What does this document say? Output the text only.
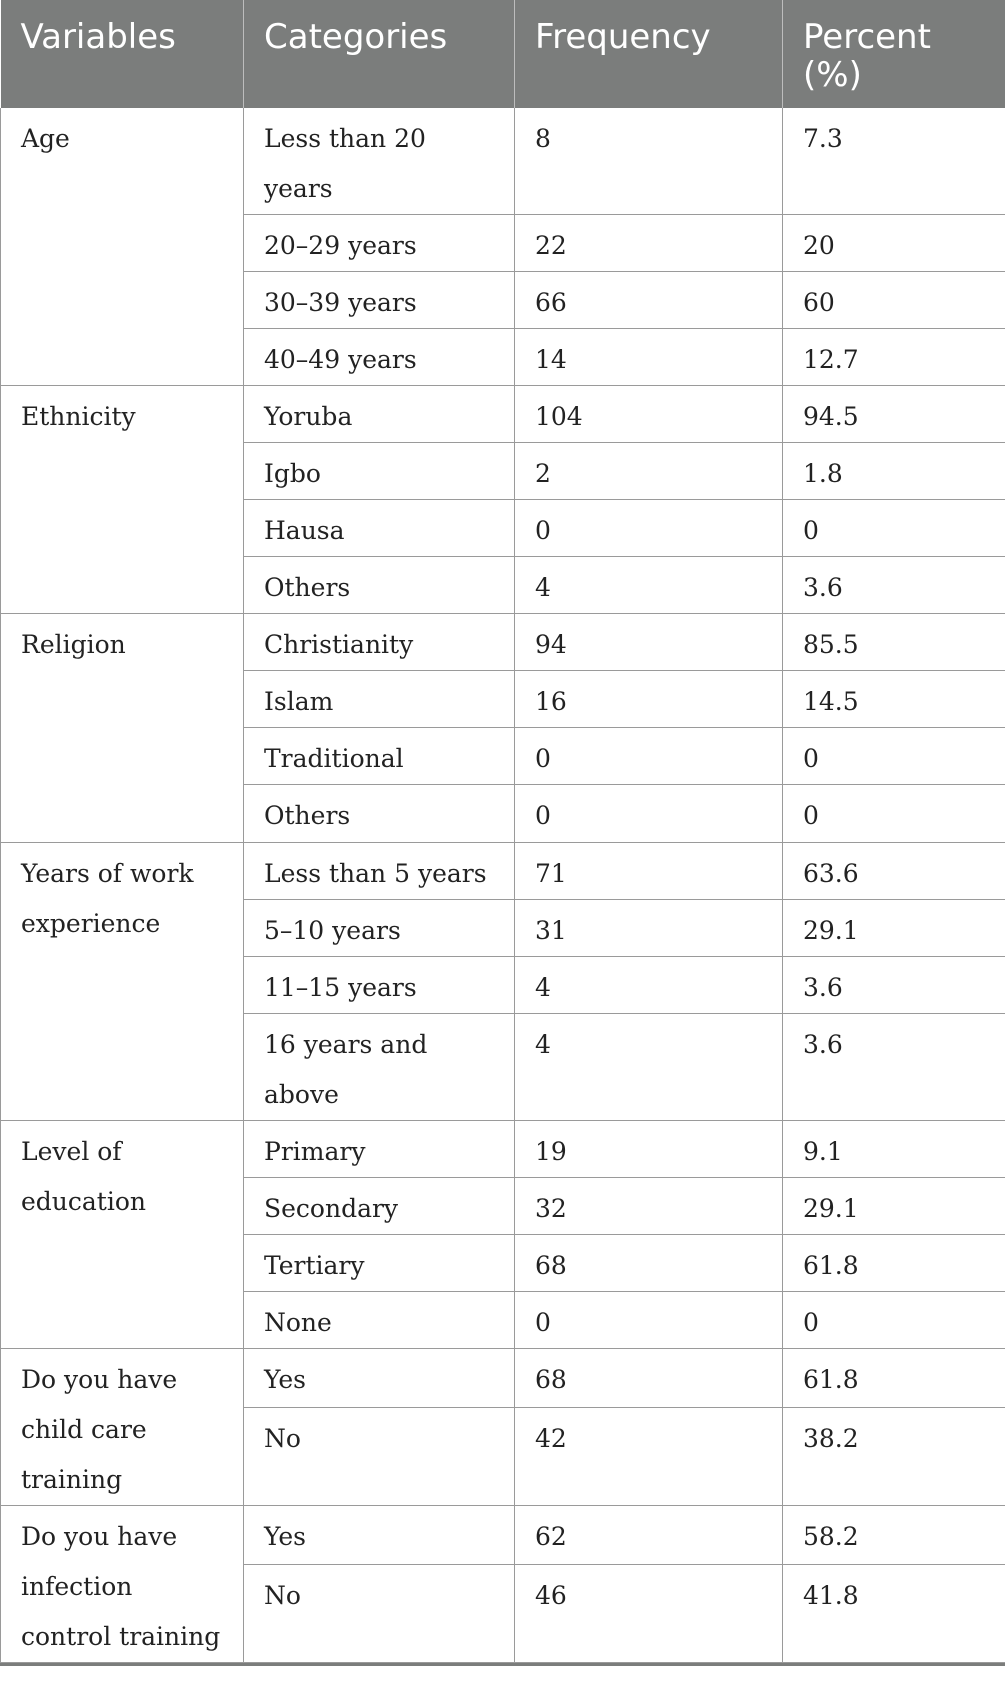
Variables	Categories	Frequency	Percent (%)
Age	Less than 20 years	8	7.3
	20–29 years	22	20
	30–39 years	66	60
	40–49 years	14	12.7
Ethnicity	Yoruba	104	94.5
	Igbo	2	1.8
	Hausa	0	0
	Others	4	3.6
Religion	Christianity	94	85.5
	Islam	16	14.5
	Traditional	0	0
	Others	0	0
Years of work experience	Less than 5 years	71	63.6
	5–10 years	31	29.1
	11–15 years	4	3.6
	16 years and above	4	3.6
Level of education	Primary	19	9.1
	Secondary	32	29.1
	Tertiary	68	61.8
	None	0	0
Do you have child care training	Yes	68	61.8
	No	42	38.2
Do you have infection control training	Yes	62	58.2
	No	46	41.8
